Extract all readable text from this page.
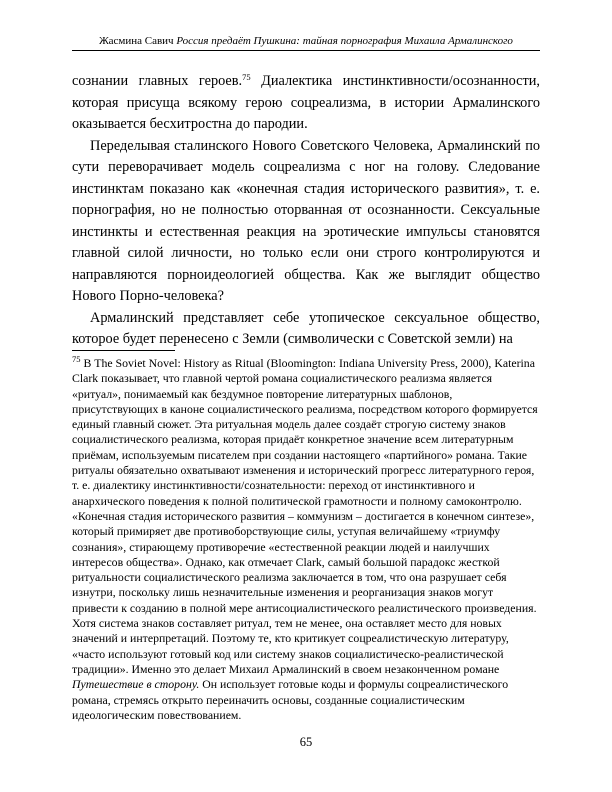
Жасмина Савич Россия предаёт Пушкина: тайная порнография Михаила Армалинского

сознании главных героев.$^{75}$ Диалектика инстинктивности/осознанности, которая присуща всякому герою соцреализма, в истории Армалинского оказывается бесхитростна до пародии.

Переделывая сталинского Нового Советского Человека, Армалинский по сути переворачивает модель соцреализма с ног на голову. Следование инстинктам показано как «конечная стадия исторического развития», т. е. порнография, но не полностью оторванная от осознанности. Сексуальные инстинкты и естественная реакция на эротические импульсы становятся главной силой личности, но только если они строго контролируются и направляются порноидеологией общества. Как же выглядит общество Нового Порно-человека?

Армалинский представляет себе утопическое сексуальное общество, которое будет перенесено с Земли (символически с Советской земли) на

$^{75}$ В The Soviet Novel: History as Ritual (Bloomington: Indiana University Press, 2000), Katerina Clark показывает, что главной чертой романа социалистического реализма является «ритуал», понимаемый как бездумное повторение литературных шаблонов, присутствующих в каноне социалистического реализма, посредством которого формируется единый главный сюжет. Эта ритуальная модель далее создаёт строгую систему знаков социалистического реализма, которая придаёт конкретное значение всем литературным приёмам, используемым писателем при создании настоящего «партийного» романа. Такие ритуалы обязательно охватывают изменения и исторический прогресс литературного героя, т. е. диалектику инстинктивности/сознательности: переход от инстинктивного и анархического поведения к полной политической грамотности и полному самоконтролю. «Конечная стадия исторического развития – коммунизм – достигается в конечном синтезе», который примиряет две противоборствующие силы, уступая величайшему «триумфу сознания», стирающему противоречие «естественной реакции людей и наилучших интересов общества». Однако, как отмечает Clark, самый большой парадокс жесткой ритуальности социалистического реализма заключается в том, что она разрушает себя изнутри, поскольку лишь незначительные изменения и реорганизация знаков могут привести к созданию в полной мере антисоциалистического реалистического произведения. Хотя система знаков составляет ритуал, тем не менее, она оставляет место для новых значений и интерпретаций. Поэтому те, кто критикует соцреалистическую литературу, «часто используют готовый код или систему знаков социалистическо-реалистической традиции». Именно это делает Михаил Армалинский в своем незаконченном романе Путешествие в сторону. Он использует готовые коды и формулы соцреалистического романа, стремясь открыто переиначить основы, созданные социалистическим идеологическим повествованием.

65
